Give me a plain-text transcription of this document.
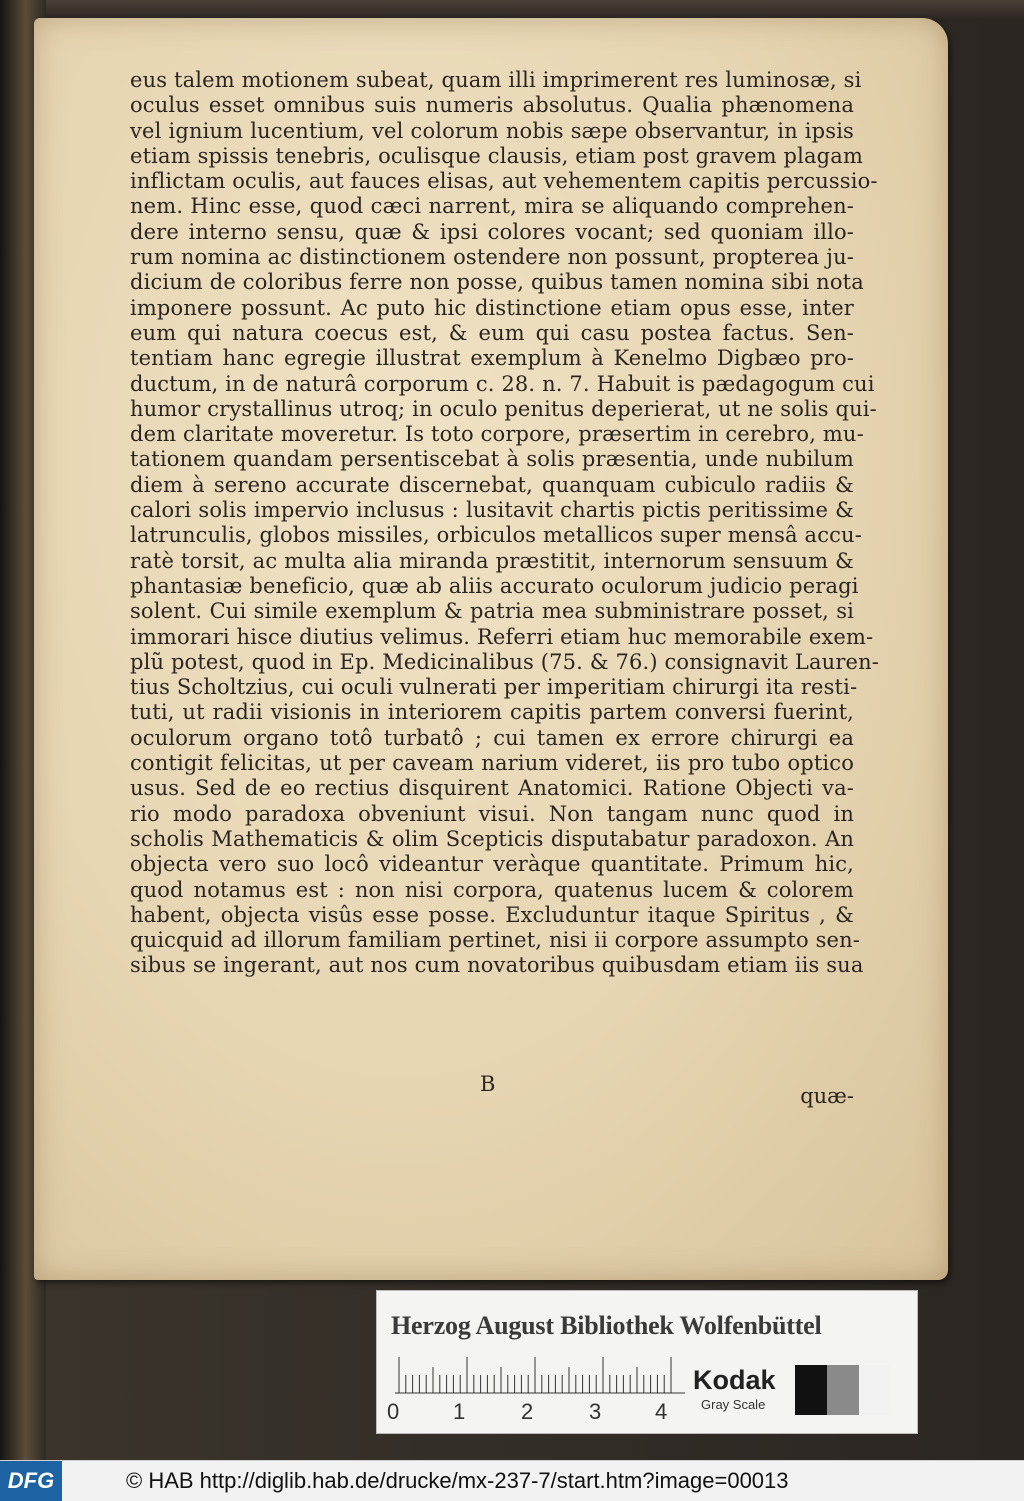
eus talem motionem subeat, quam illi imprimerent res luminosæ, si
oculus esset omnibus suis numeris absolutus. Qualia phænomena
vel ignium lucentium, vel colorum nobis sæpe observantur, in ipsis
etiam spissis tenebris, oculisque clausis, etiam post gravem plagam
inflictam oculis, aut fauces elisas, aut vehementem capitis percussio-
nem. Hinc esse, quod cæci narrent, mira se aliquando comprehen-
dere interno sensu, quæ & ipsi colores vocant; sed quoniam illo-
rum nomina ac distinctionem ostendere non possunt, propterea ju-
dicium de coloribus ferre non posse, quibus tamen nomina sibi nota
imponere possunt. Ac puto hic distinctione etiam opus esse, inter
eum qui natura coecus est, & eum qui casu postea factus. Sen-
tentiam hanc egregie illustrat exemplum à Kenelmo Digbæo pro-
ductum, in de naturâ corporum c. 28. n. 7. Habuit is pædagogum cui
humor crystallinus utroq; in oculo penitus deperierat, ut ne solis qui-
dem claritate moveretur. Is toto corpore, præsertim in cerebro, mu-
tationem quandam persentiscebat à solis præsentia, unde nubilum
diem à sereno accurate discernebat, quanquam cubiculo radiis &
calori solis impervio inclusus : lusitavit chartis pictis peritissime &
latrunculis, globos missiles, orbiculos metallicos super mensâ accu-
ratè torsit, ac multa alia miranda præstitit, internorum sensuum &
phantasiæ beneficio, quæ ab aliis accurato oculorum judicio peragi
solent. Cui simile exemplum & patria mea subministrare posset, si
immorari hisce diutius velimus. Referri etiam huc memorabile exem-
plũ potest, quod in Ep. Medicinalibus (75. & 76.) consignavit Lauren-
tius Scholtzius, cui oculi vulnerati per imperitiam chirurgi ita resti-
tuti, ut radii visionis in interiorem capitis partem conversi fuerint,
oculorum organo totô turbatô ; cui tamen ex errore chirurgi ea
contigit felicitas, ut per caveam narium videret, iis pro tubo optico
usus. Sed de eo rectius disquirent Anatomici. Ratione Objecti va-
rio modo paradoxa obveniunt visui. Non tangam nunc quod in
scholis Mathematicis & olim Scepticis disputabatur paradoxon. An
objecta vero suo locô videantur veràque quantitate. Primum hic,
quod notamus est : non nisi corpora, quatenus lucem & colorem
habent, objecta visûs esse posse. Excluduntur itaque Spiritus , &
quicquid ad illorum familiam pertinet, nisi ii corpore assumpto sen-
sibus se ingerant, aut nos cum novatoribus quibusdam etiam iis sua
B	quæ-
Herzog August Bibliothek Wolfenbüttel
0 1	2	3 4
Kodak
Gray Scale
DFG	© HAB http://diglib.hab.de/drucke/mx-237-7/start.htm?image=00013
